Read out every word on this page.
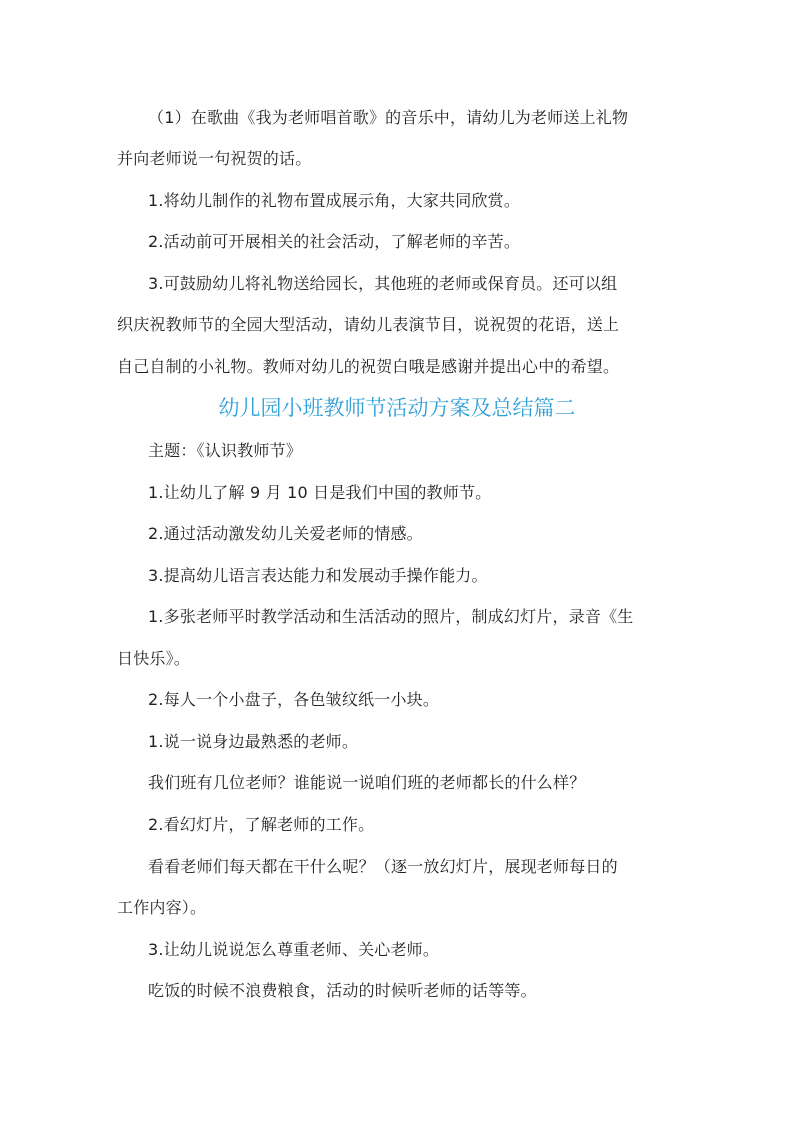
（1）在歌曲《我为老师唱首歌》的音乐中，请幼儿为老师送上礼物
并向老师说一句祝贺的话。
1.将幼儿制作的礼物布置成展示角，大家共同欣赏。
2.活动前可开展相关的社会活动，了解老师的辛苦。
3.可鼓励幼儿将礼物送给园长，其他班的老师或保育员。还可以组
织庆祝教师节的全园大型活动，请幼儿表演节目，说祝贺的花语，送上
自己自制的小礼物。教师对幼儿的祝贺白哦是感谢并提出心中的希望。
幼儿园小班教师节活动方案及总结篇二
主题：《认识教师节》
1.让幼儿了解 9 月 10 日是我们中国的教师节。
2.通过活动激发幼儿关爱老师的情感。
3.提高幼儿语言表达能力和发展动手操作能力。
1.多张老师平时教学活动和生活活动的照片，制成幻灯片，录音《生
日快乐》。
2.每人一个小盘子，各色皱纹纸一小块。
1.说一说身边最熟悉的老师。
我们班有几位老师？谁能说一说咱们班的老师都长的什么样？
2.看幻灯片，了解老师的工作。
看看老师们每天都在干什么呢？（逐一放幻灯片，展现老师每日的
工作内容）。
3.让幼儿说说怎么尊重老师、关心老师。
吃饭的时候不浪费粮食，活动的时候听老师的话等等。
